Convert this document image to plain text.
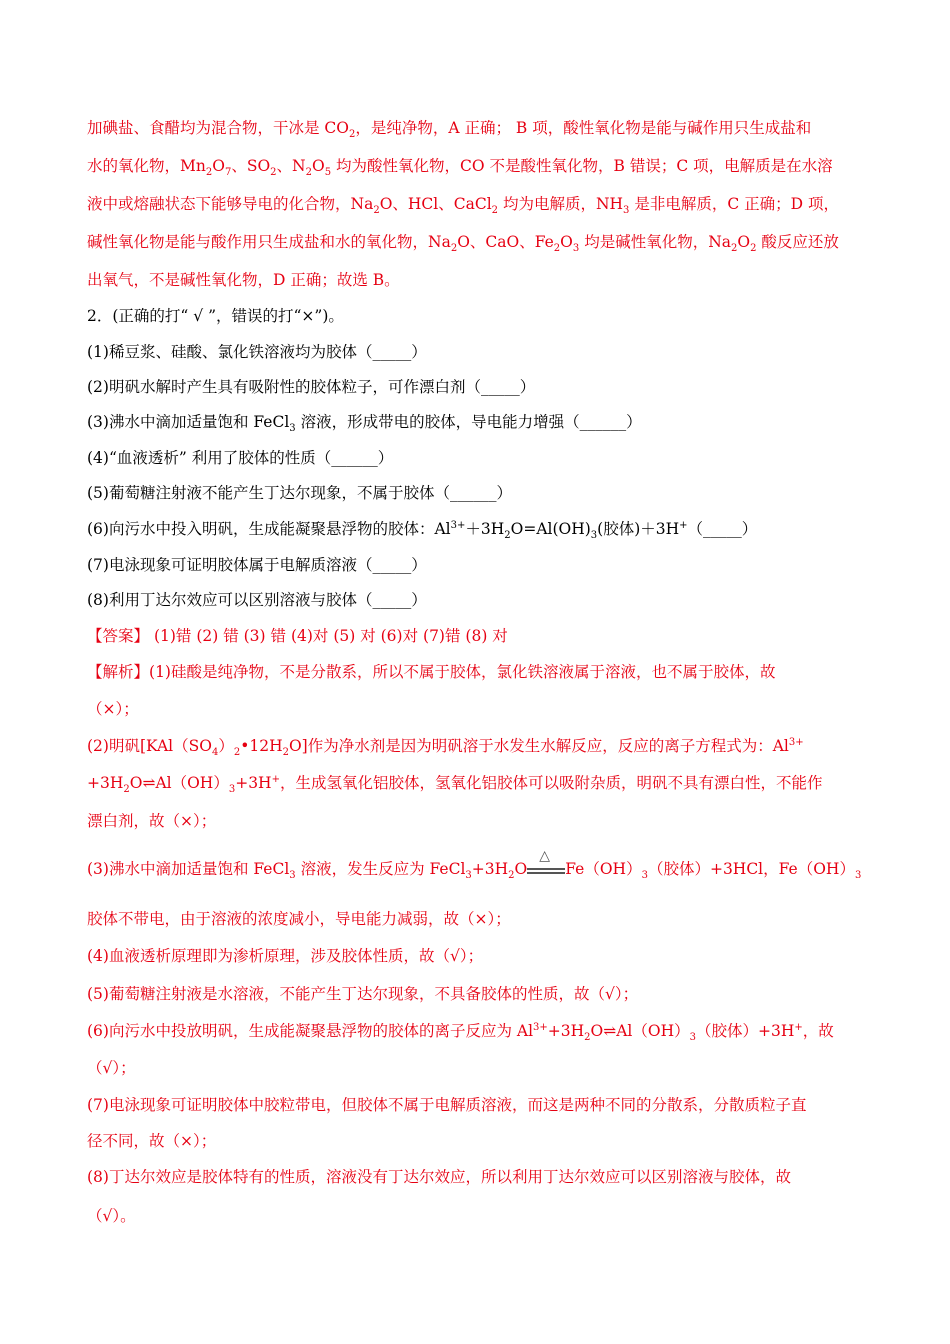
加碘盐、食醋均为混合物，干冰是 $CO_2$，是纯净物，A 正确； B 项，酸性氧化物是能与碱作用只生成盐和
水的氧化物，$Mn_2O_7$、$SO_2$、$N_2O_5$ 均为酸性氧化物，CO 不是酸性氧化物，B 错误；C 项，电解质是在水溶
液中或熔融状态下能够导电的化合物，$Na_2O$、HCl、CaCl$_2$ 均为电解质，$NH_3$ 是非电解质，C 正确；D 项，
碱性氧化物是能与酸作用只生成盐和水的氧化物，$Na_2O$、CaO、$Fe_2O_3$ 均是碱性氧化物，$Na_2O_2$ 酸反应还放
出氧气，不是碱性氧化物，D 正确；故选 B。
2．(正确的打“ √ ”，错误的打“×”)。
(1)稀豆浆、硅酸、氯化铁溶液均为胶体（_____）
(2)明矾水解时产生具有吸附性的胶体粒子，可作漂白剂（_____）
(3)沸水中滴加适量饱和 FeCl$_3$ 溶液，形成带电的胶体，导电能力增强（______）
(4)“血液透析” 利用了胶体的性质（______）
(5)葡萄糖注射液不能产生丁达尔现象，不属于胶体（______）
(6)向污水中投入明矾，生成能凝聚悬浮物的胶体：$Al^{3+}+3H_2O=Al(OH)_3$(胶体)＋3H+（_____）
(7)电泳现象可证明胶体属于电解质溶液（_____）
(8)利用丁达尔效应可以区别溶液与胶体（_____）
【答案】 (1)错 (2) 错 (3) 错 (4)对 (5) 对 (6)对 (7)错 (8) 对
【解析】(1)硅酸是纯净物，不是分散系，所以不属于胶体，氯化铁溶液属于溶液，也不属于胶体，故
（×）；
(2)明矾$[KAl(SO_4)_2•12H_2O]$作为净水剂是因为明矾溶于水发生水解反应，反应的离子方程式为：$Al^{3+}$
$+3H_2O\rightleftharpoons Al(OH)_3+3H^+$，生成氢氧化铝胶体，氢氧化铝胶体可以吸附杂质，明矾不具有漂白性，不能作
漂白剂，故（×）；
(3)沸水中滴加适量饱和 FeCl$_3$ 溶液，发生反应为 $FeCl_3+3H_2O$
△
$Fe(OH)_3$（胶体）+3HCl，$Fe(OH)_3$
胶体不带电，由于溶液的浓度减小，导电能力减弱，故（×）；
(4)血液透析原理即为渗析原理，涉及胶体性质，故（√）；
(5)葡萄糖注射液是水溶液，不能产生丁达尔现象，不具备胶体的性质，故（√）；
(6)向污水中投放明矾，生成能凝聚悬浮物的胶体的离子反应为 $Al^{3+}+3H_2O\rightleftharpoons Al(OH)_3$（胶体）+3H+，故
（√）；
(7)电泳现象可证明胶体中胶粒带电，但胶体不属于电解质溶液，而这是两种不同的分散系，分散质粒子直
径不同，故（×）；
(8)丁达尔效应是胶体特有的性质，溶液没有丁达尔效应，所以利用丁达尔效应可以区别溶液与胶体，故
（√）。
